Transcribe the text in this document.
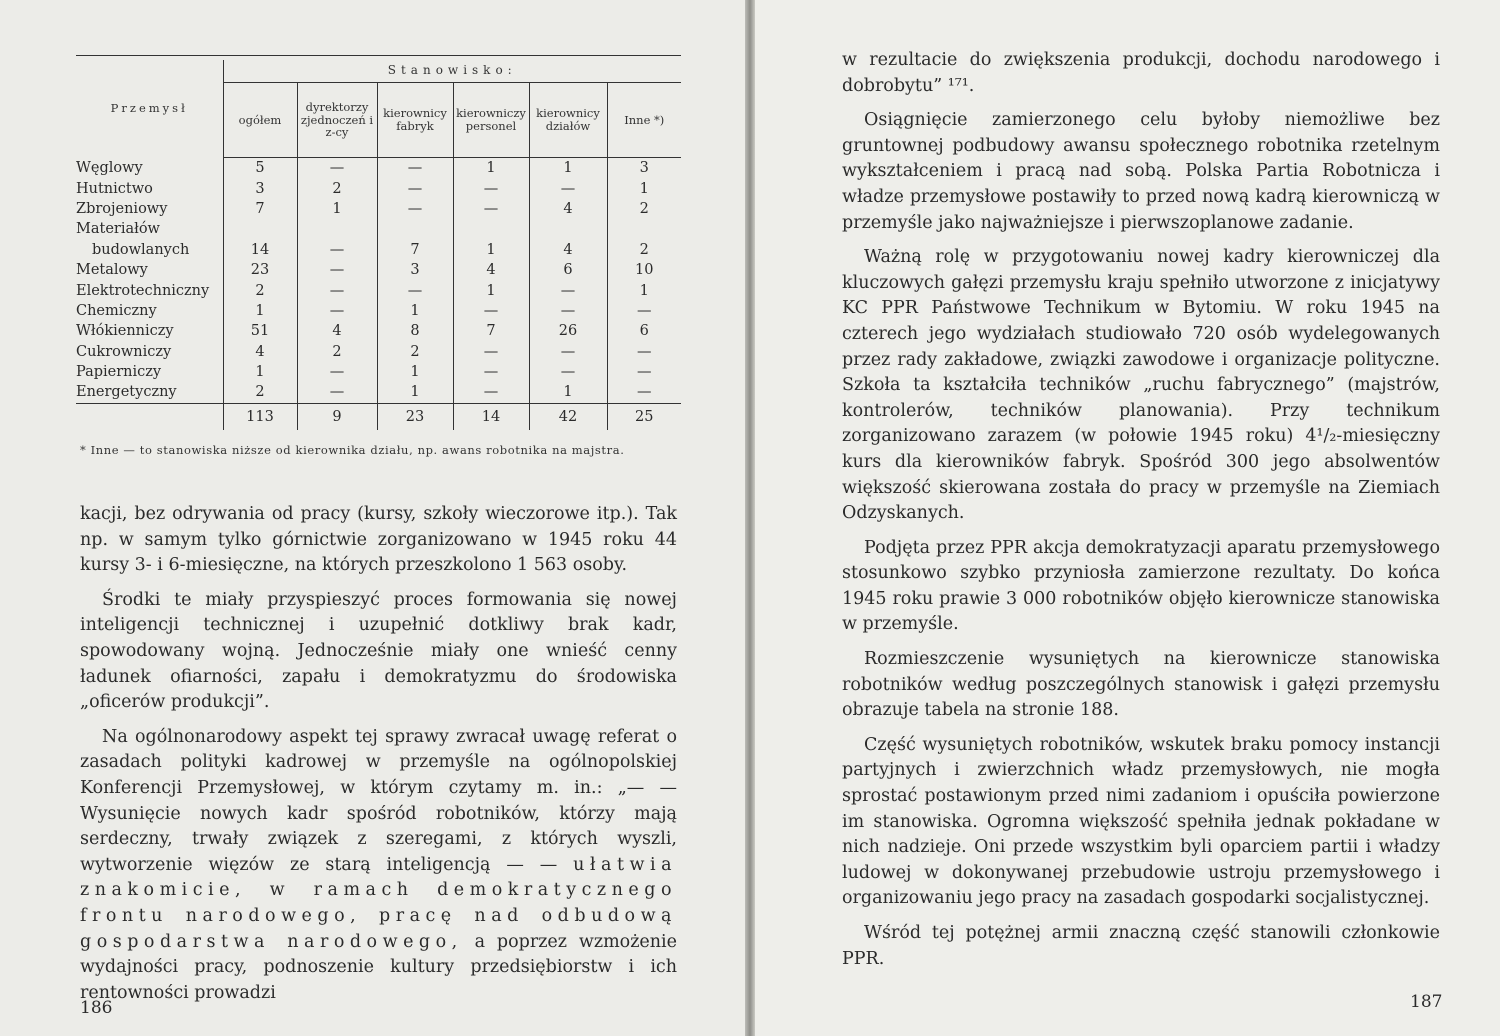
Przemysł	Stanowisko:					
	ogółem	dyrektorzy zjednoczeń i z-cy	kierownicy fabryk	kierowniczy personel	kierownicy działów	Inne *)
Węglowy	5	—	—	1	1	3
Hutnictwo	3	2	—	—	—	1
Zbrojeniowy	7	1	—	—	4	2
Materiałów						
budowlanych	14	—	7	1	4	2
Metalowy	23	—	3	4	6	10
Elektrotechniczny	2	—	—	1	—	1
Chemiczny	1	—	1	—	—	—
Włókienniczy	51	4	8	7	26	6
Cukrowniczy	4	2	2	—	—	—
Papierniczy	1	—	1	—	—	—
Energetyczny	2	—	1	—	1	—
	113	9	23	14	42	25
* Inne — to stanowiska niższe od kierownika działu, np. awans robotnika na majstra.

kacji, bez odrywania od pracy (kursy, szkoły wieczorowe itp.). Tak np. w samym tylko górnictwie zorganizowano w 1945 roku 44 kursy 3- i 6-miesięczne, na których przeszkolono 1 563 osoby.

Środki te miały przyspieszyć proces formowania się nowej inteligencji technicznej i uzupełnić dotkliwy brak kadr, spowodowany wojną. Jednocześnie miały one wnieść cenny ładunek ofiarności, zapału i demokratyzmu do środowiska „oficerów produkcji”.

Na ogólnonarodowy aspekt tej sprawy zwracał uwagę referat o zasadach polityki kadrowej w przemyśle na ogólnopolskiej Konferencji Przemysłowej, w którym czytamy m. in.: „— — Wysunięcie nowych kadr spośród robotników, którzy mają serdeczny, trwały związek z szeregami, z których wyszli, wytworzenie więzów ze starą inteligencją — — ułatwia znakomicie, w ramach demokratycznego frontu narodowego, pracę nad odbudową gospodarstwa narodowego, a poprzez wzmożenie wydajności pracy, podnoszenie kultury przedsiębiorstw i ich rentowności prowadzi

186

w rezultacie do zwiększenia produkcji, dochodu narodowego i dobrobytu” ¹⁷¹.

Osiągnięcie zamierzonego celu byłoby niemożliwe bez gruntownej podbudowy awansu społecznego robotnika rzetelnym wykształceniem i pracą nad sobą. Polska Partia Robotnicza i władze przemysłowe postawiły to przed nową kadrą kierowniczą w przemyśle jako najważniejsze i pierwszoplanowe zadanie.

Ważną rolę w przygotowaniu nowej kadry kierowniczej dla kluczowych gałęzi przemysłu kraju spełniło utworzone z inicjatywy KC PPR Państwowe Technikum w Bytomiu. W roku 1945 na czterech jego wydziałach studiowało 720 osób wydelegowanych przez rady zakładowe, związki zawodowe i organizacje polityczne. Szkoła ta kształciła techników „ruchu fabrycznego” (majstrów, kontrolerów, techników planowania). Przy technikum zorganizowano zarazem (w połowie 1945 roku) 4¹/₂-miesięczny kurs dla kierowników fabryk. Spośród 300 jego absolwentów większość skierowana została do pracy w przemyśle na Ziemiach Odzyskanych.

Podjęta przez PPR akcja demokratyzacji aparatu przemysłowego stosunkowo szybko przyniosła zamierzone rezultaty. Do końca 1945 roku prawie 3 000 robotników objęło kierownicze stanowiska w przemyśle.

Rozmieszczenie wysuniętych na kierownicze stanowiska robotników według poszczególnych stanowisk i gałęzi przemysłu obrazuje tabela na stronie 188.

Część wysuniętych robotników, wskutek braku pomocy instancji partyjnych i zwierzchnich władz przemysłowych, nie mogła sprostać postawionym przed nimi zadaniom i opuściła powierzone im stanowiska. Ogromna większość spełniła jednak pokładane w nich nadzieje. Oni przede wszystkim byli oparciem partii i władzy ludowej w dokonywanej przebudowie ustroju przemysłowego i organizowaniu jego pracy na zasadach gospodarki socjalistycznej.

Wśród tej potężnej armii znaczną część stanowili członkowie PPR.

187
